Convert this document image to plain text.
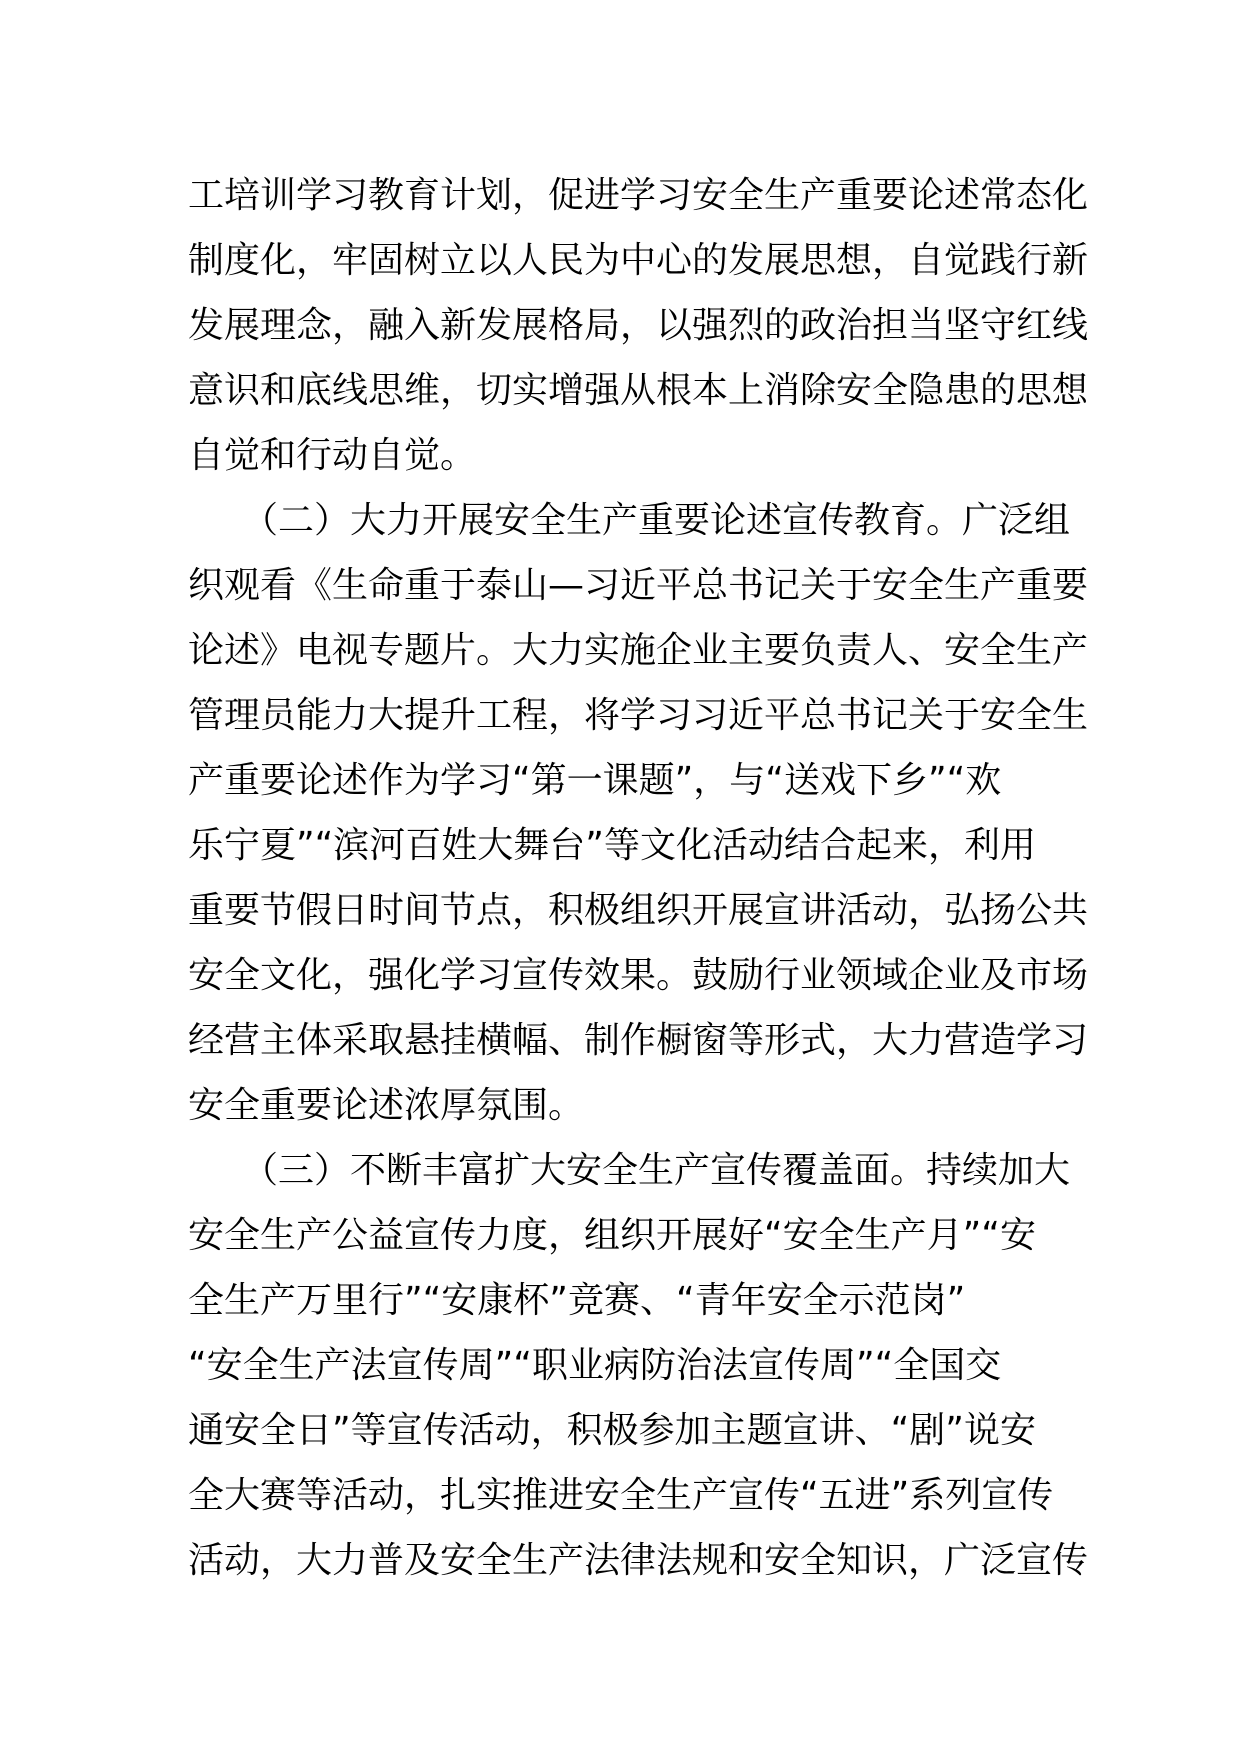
工培训学习教育计划，促进学习安全生产重要论述常态化
制度化，牢固树立以人民为中心的发展思想，自觉践行新
发展理念，融入新发展格局，以强烈的政治担当坚守红线
意识和底线思维，切实增强从根本上消除安全隐患的思想
自觉和行动自觉。
　　（二）大力开展安全生产重要论述宣传教育。广泛组
织观看《生命重于泰山—习近平总书记关于安全生产重要
论述》电视专题片。大力实施企业主要负责人、安全生产
管理员能力大提升工程，将学习习近平总书记关于安全生
产重要论述作为学习“第一课题”，与“送戏下乡”“欢
乐宁夏”“滨河百姓大舞台”等文化活动结合起来，利用
重要节假日时间节点，积极组织开展宣讲活动，弘扬公共
安全文化，强化学习宣传效果。鼓励行业领域企业及市场
经营主体采取悬挂横幅、制作橱窗等形式，大力营造学习
安全重要论述浓厚氛围。
　　（三）不断丰富扩大安全生产宣传覆盖面。持续加大
安全生产公益宣传力度，组织开展好“安全生产月”“安
全生产万里行”“安康杯”竞赛、“青年安全示范岗”
“安全生产法宣传周”“职业病防治法宣传周”“全国交
通安全日”等宣传活动，积极参加主题宣讲、“剧”说安
全大赛等活动，扎实推进安全生产宣传“五进”系列宣传
活动，大力普及安全生产法律法规和安全知识，广泛宣传
